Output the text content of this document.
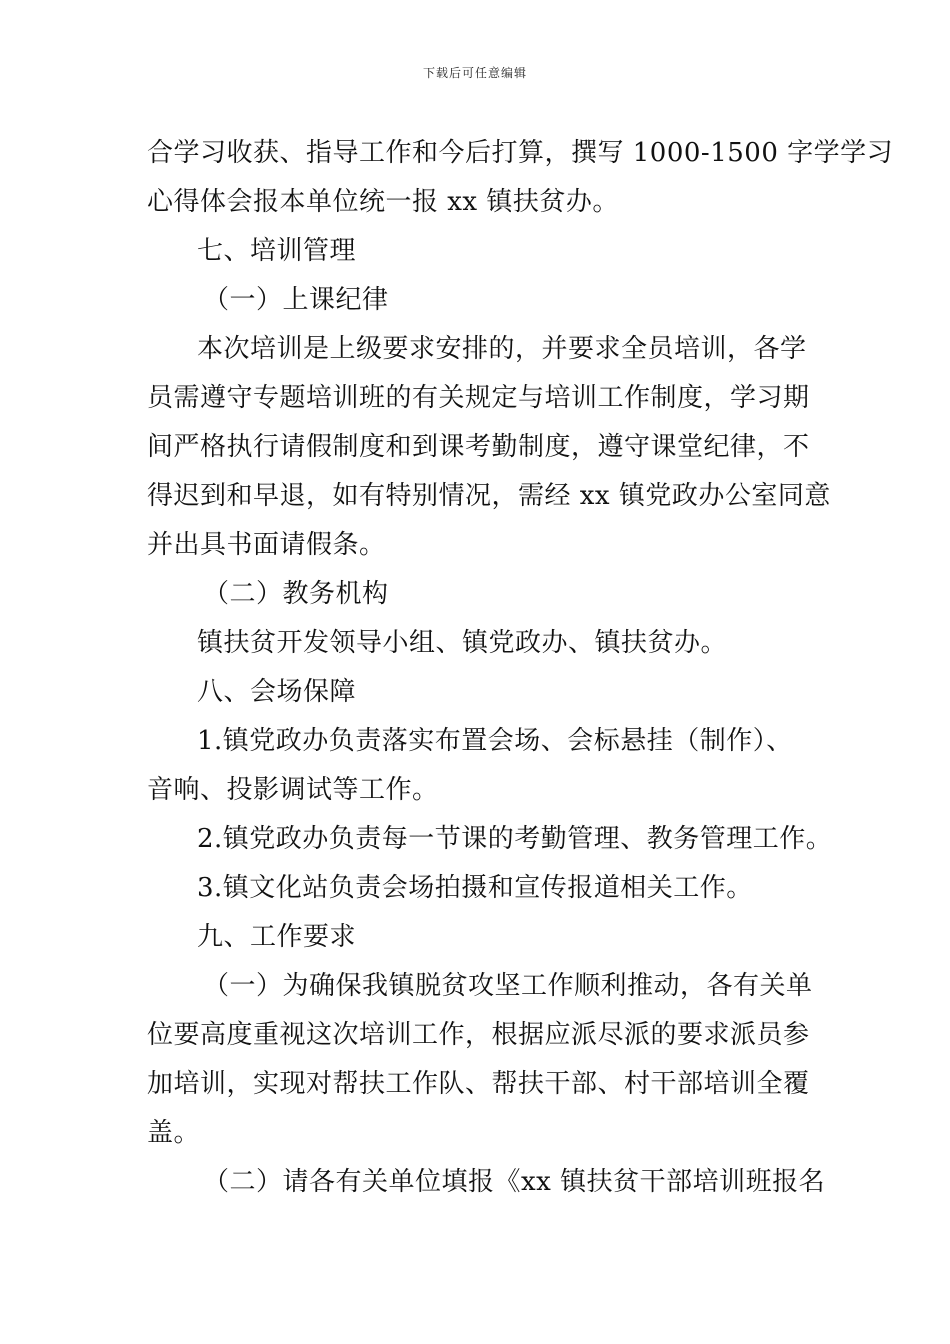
下载后可任意编辑
合学习收获、指导工作和今后打算，撰写 1000-1500 字学学习
心得体会报本单位统一报 xx 镇扶贫办。
七、培训管理
（一）上课纪律
本次培训是上级要求安排的，并要求全员培训，各学
员需遵守专题培训班的有关规定与培训工作制度，学习期
间严格执行请假制度和到课考勤制度，遵守课堂纪律，不
得迟到和早退，如有特别情况，需经 xx 镇党政办公室同意
并出具书面请假条。
（二）教务机构
镇扶贫开发领导小组、镇党政办、镇扶贫办。
八、会场保障
1.镇党政办负责落实布置会场、会标悬挂（制作）、
音响、投影调试等工作。
2.镇党政办负责每一节课的考勤管理、教务管理工作。
3.镇文化站负责会场拍摄和宣传报道相关工作。
九、工作要求
（一）为确保我镇脱贫攻坚工作顺利推动，各有关单
位要高度重视这次培训工作，根据应派尽派的要求派员参
加培训，实现对帮扶工作队、帮扶干部、村干部培训全覆
盖。
（二）请各有关单位填报《xx 镇扶贫干部培训班报名
